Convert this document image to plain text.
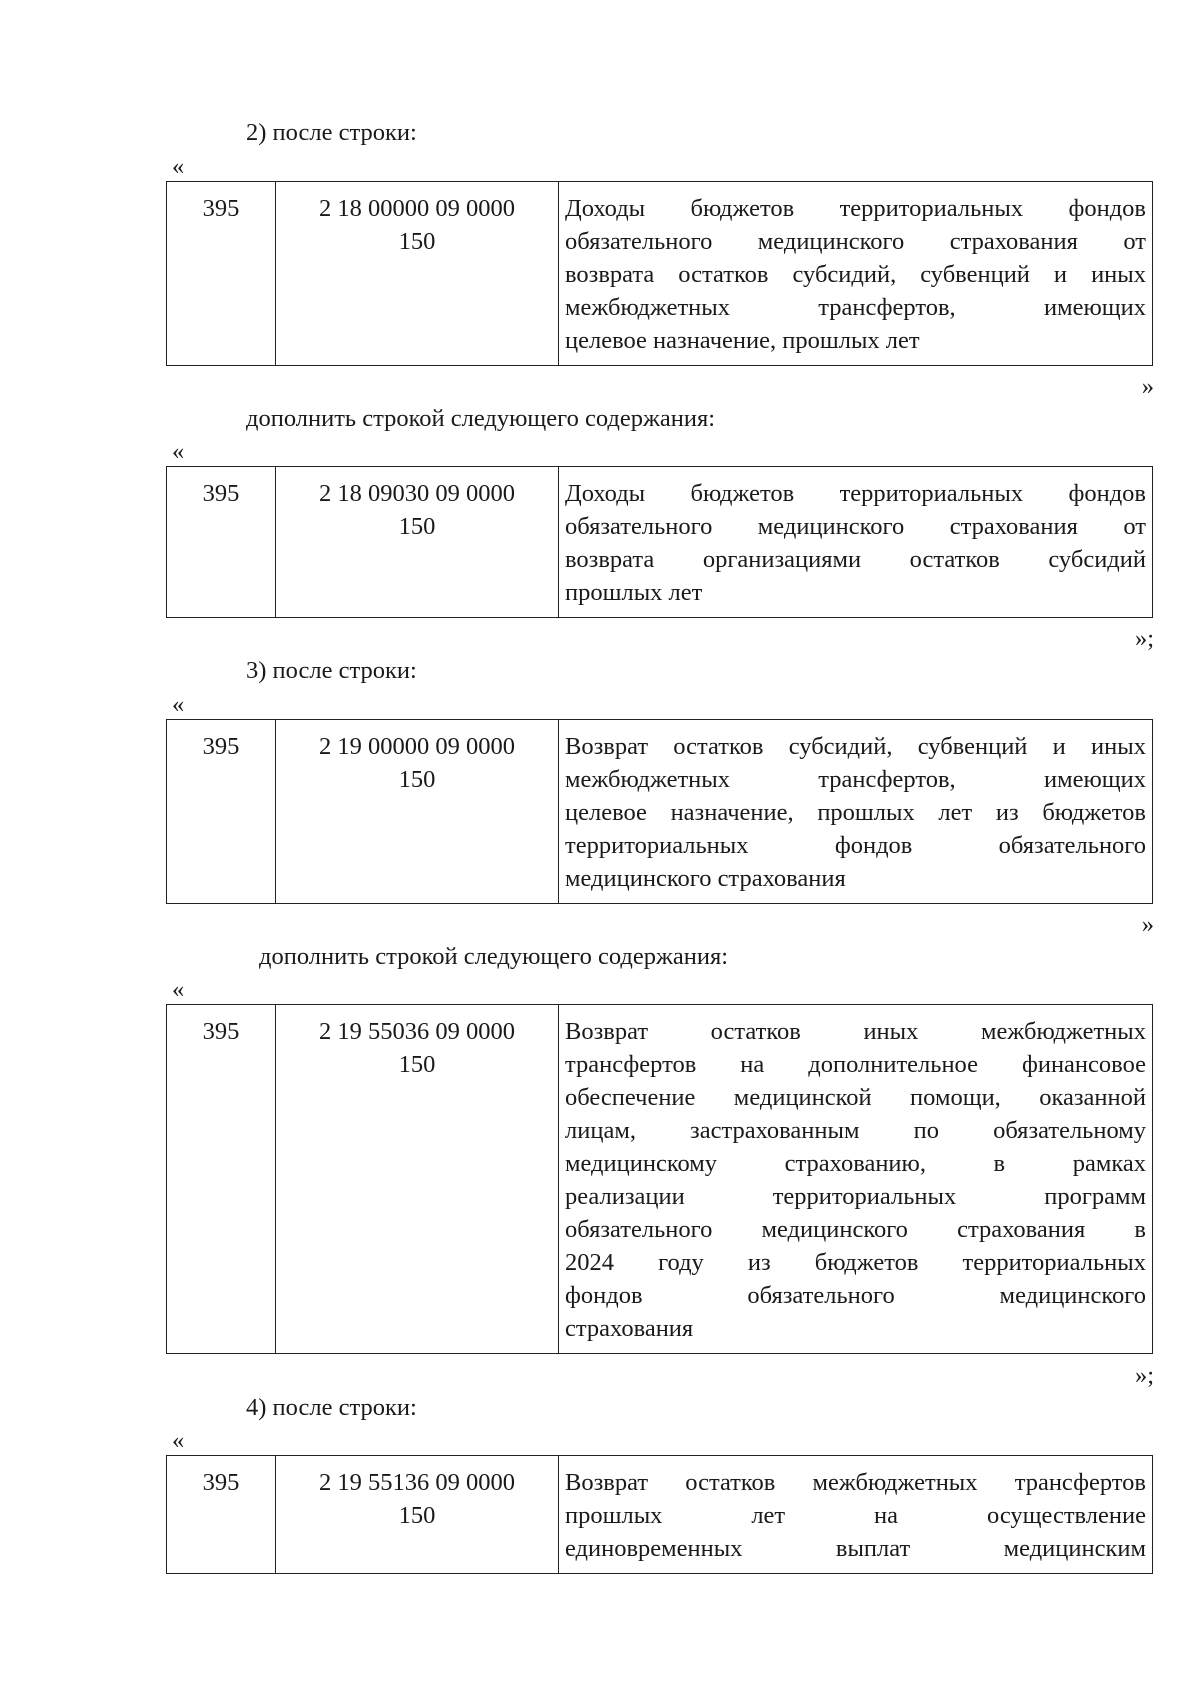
2) после строки:
«
395	2 18 00000 09 0000
150

Доходы бюджетов территориальных фондов
обязательного медицинского страхования от
возврата остатков субсидий, субвенций и иных
межбюджетных трансфертов, имеющих
целевое назначение, прошлых лет
»
дополнить строкой следующего содержания:
«
395	2 18 09030 09 0000
150

Доходы бюджетов территориальных фондов
обязательного медицинского страхования от
возврата организациями остатков субсидий
прошлых лет
»;
3) после строки:
«
395	2 19 00000 09 0000
150

Возврат остатков субсидий, субвенций и иных
межбюджетных трансфертов, имеющих
целевое назначение, прошлых лет из бюджетов
территориальных фондов обязательного
медицинского страхования
»
дополнить строкой следующего содержания:
«
395	2 19 55036 09 0000
150

Возврат остатков иных межбюджетных
трансфертов на дополнительное финансовое
обеспечение медицинской помощи, оказанной
лицам, застрахованным по обязательному
медицинскому страхованию, в рамках
реализации территориальных программ
обязательного медицинского страхования в
2024 году из бюджетов территориальных
фондов обязательного медицинского
страхования
»;
4) после строки:
«
395	2 19 55136 09 0000
150

Возврат остатков межбюджетных трансфертов
прошлых лет на осуществление
единовременных выплат медицинским
